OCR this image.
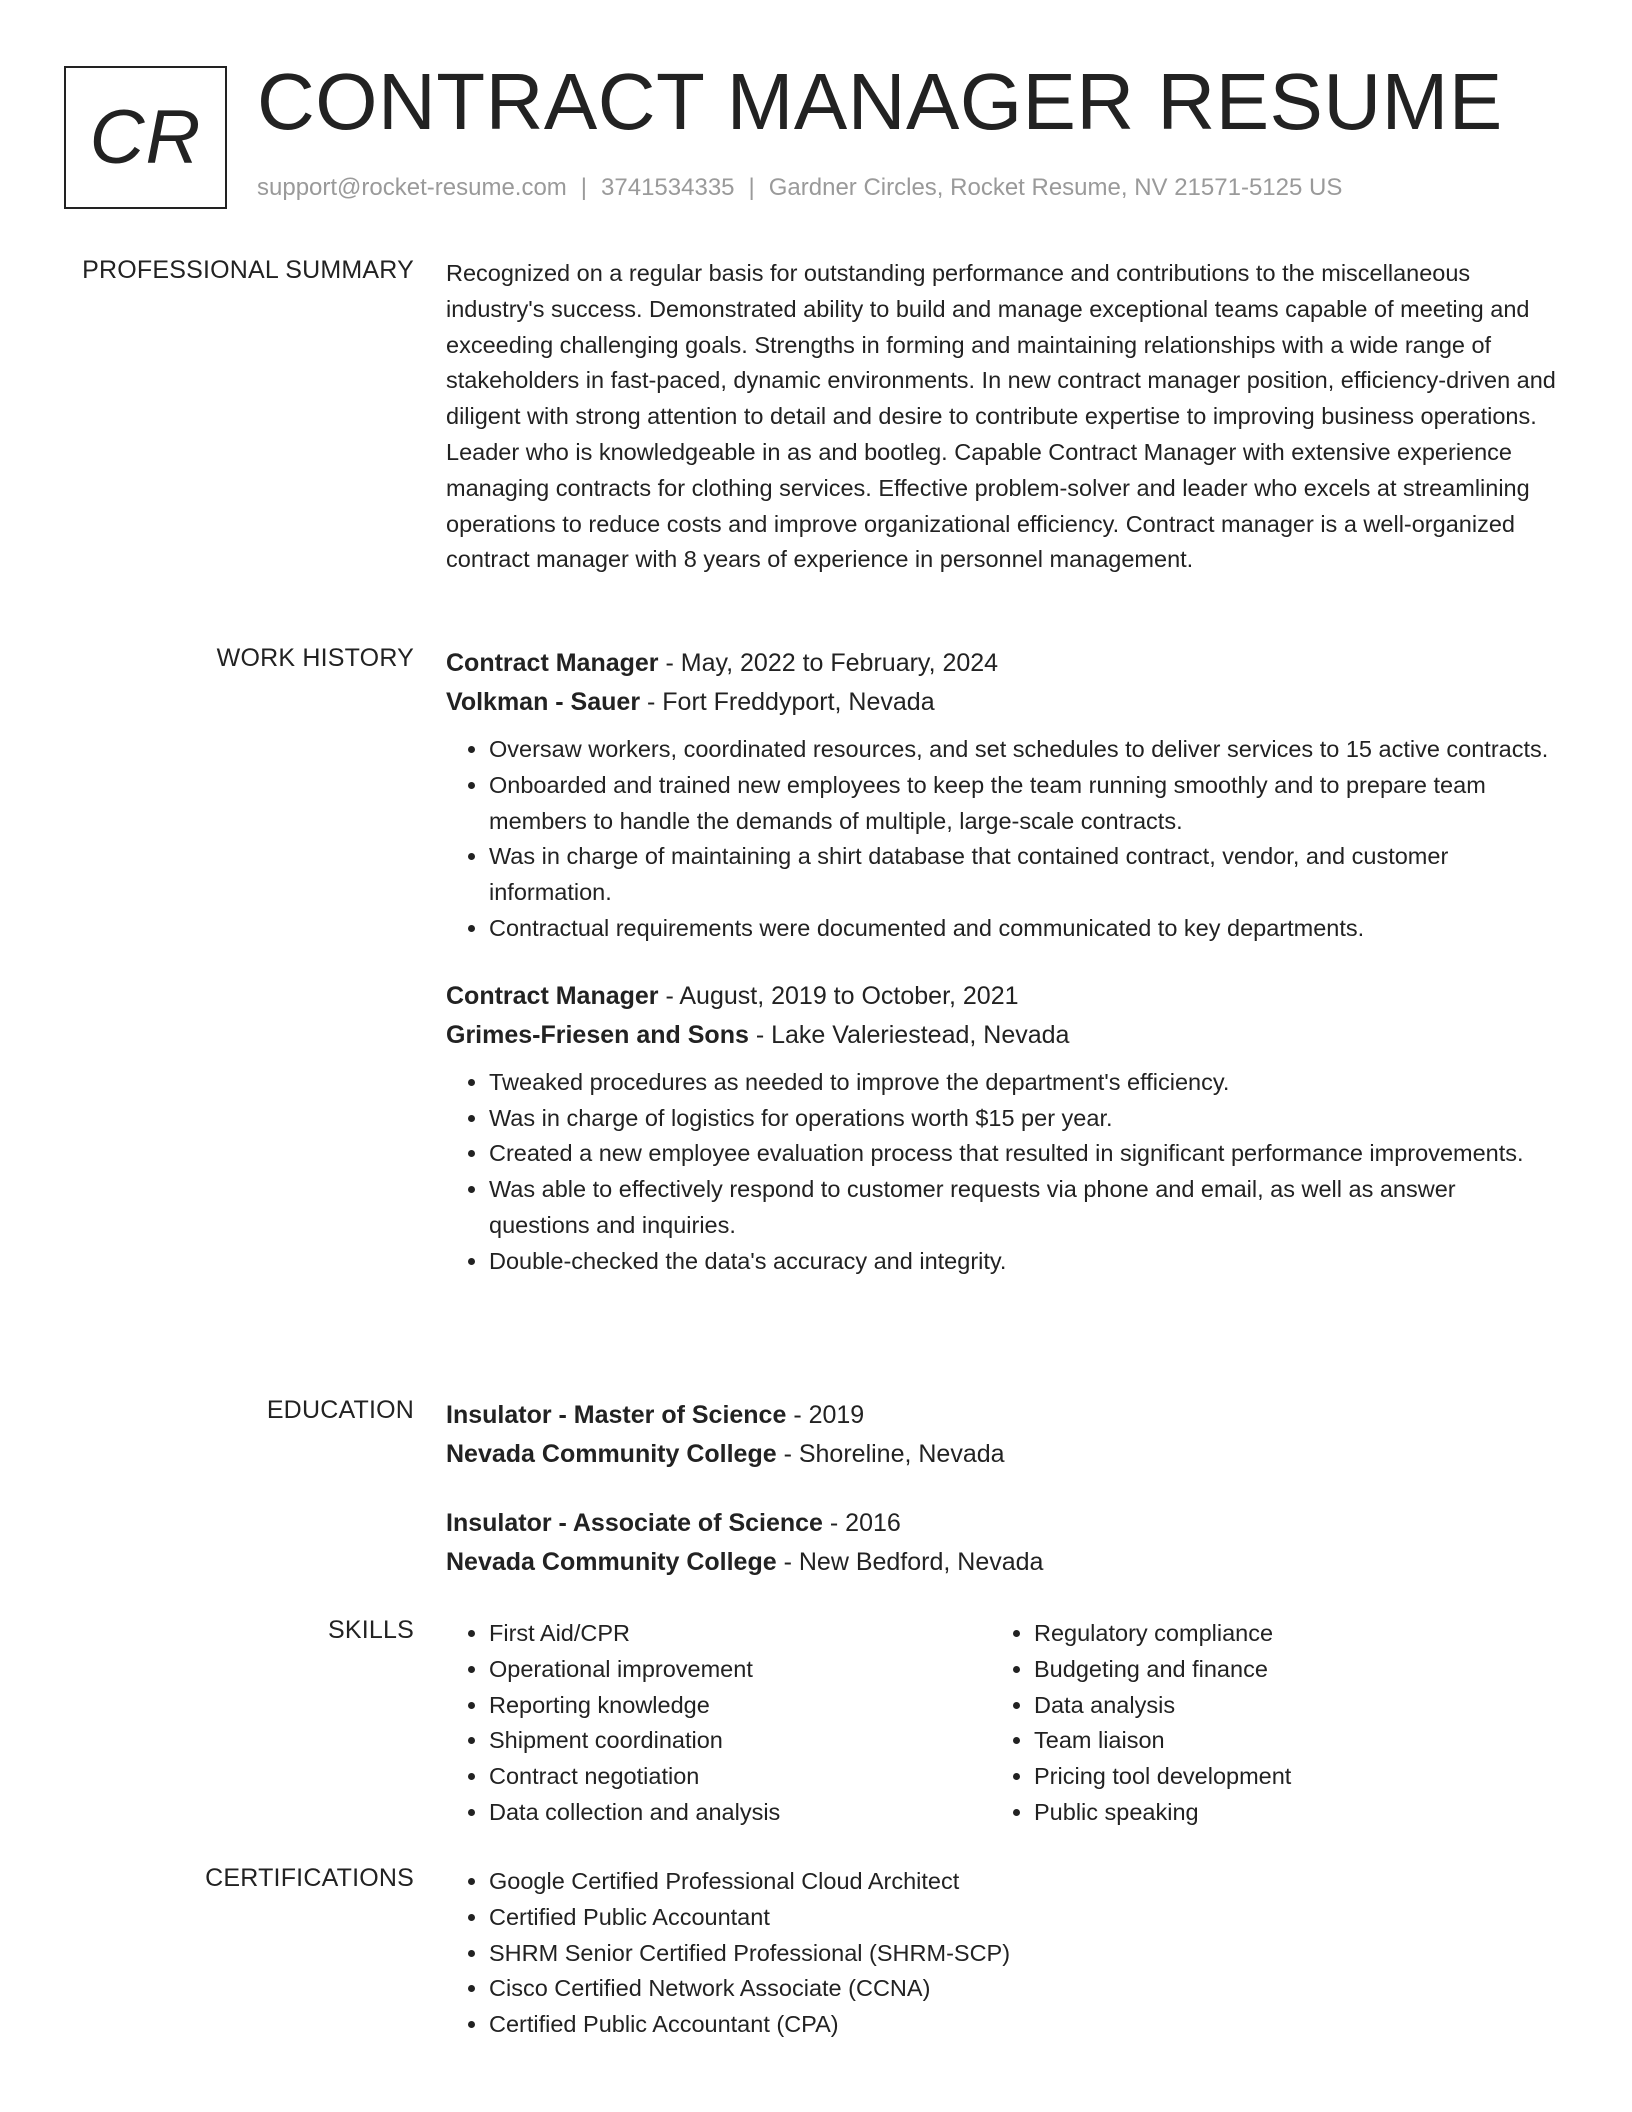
CR CONTRACT MANAGER RESUME
support@rocket-resume.com | 3741534335 | Gardner Circles, Rocket Resume, NV 21571-5125 US
PROFESSIONAL SUMMARY Recognized on a regular basis for outstanding performance and contributions to the miscellaneous industry's success. Demonstrated ability to build and manage exceptional teams capable of meeting and exceeding challenging goals. Strengths in forming and maintaining relationships with a wide range of stakeholders in fast-paced, dynamic environments. In new contract manager position, efficiency-driven and diligent with strong attention to detail and desire to contribute expertise to improving business operations. Leader who is knowledgeable in as and bootleg. Capable Contract Manager with extensive experience managing contracts for clothing services. Effective problem-solver and leader who excels at streamlining operations to reduce costs and improve organizational efficiency. Contract manager is a well-organized contract manager with 8 years of experience in personnel management.

WORK HISTORY Contract Manager - May, 2022 to February, 2024
Volkman - Sauer - Fort Freddyport, Nevada
• Oversaw workers, coordinated resources, and set schedules to deliver services to 15 active contracts.
• Onboarded and trained new employees to keep the team running smoothly and to prepare team members to handle the demands of multiple, large-scale contracts.
• Was in charge of maintaining a shirt database that contained contract, vendor, and customer information.
• Contractual requirements were documented and communicated to key departments.
Contract Manager - August, 2019 to October, 2021
Grimes-Friesen and Sons - Lake Valeriestead, Nevada
• Tweaked procedures as needed to improve the department's efficiency.
• Was in charge of logistics for operations worth $15 per year.
• Created a new employee evaluation process that resulted in significant performance improvements.
• Was able to effectively respond to customer requests via phone and email, as well as answer questions and inquiries.
• Double-checked the data's accuracy and integrity.
EDUCATION Insulator - Master of Science - 2019
Nevada Community College - Shoreline, Nevada
Insulator - Associate of Science - 2016
Nevada Community College - New Bedford, Nevada
SKILLS	• First Aid/CPR
• Operational improvement
• Reporting knowledge
• Shipment coordination
• Contract negotiation
• Data collection and analysis
• Regulatory compliance
• Budgeting and finance
• Data analysis
• Team liaison
• Pricing tool development
• Public speaking
CERTIFICATIONS	• Google Certified Professional Cloud Architect
• Certified Public Accountant
• SHRM Senior Certified Professional (SHRM-SCP)
• Cisco Certified Network Associate (CCNA)
• Certified Public Accountant (CPA)
